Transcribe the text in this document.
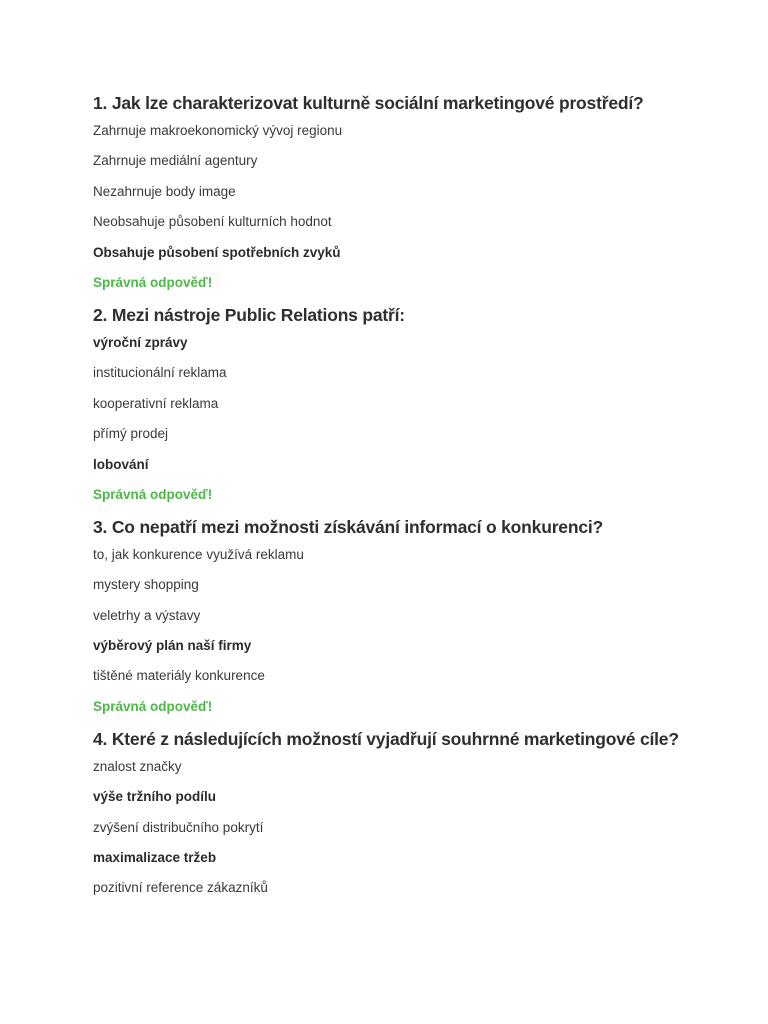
1. Jak lze charakterizovat kulturně sociální marketingové prostředí?
Zahrnuje makroekonomický vývoj regionu
Zahrnuje mediální agentury
Nezahrnuje body image
Neobsahuje působení kulturních hodnot
Obsahuje působení spotřebních zvyků
Správná odpověď!
2. Mezi nástroje Public Relations patří:
výroční zprávy
institucionální reklama
kooperativní reklama
přímý prodej
lobování
Správná odpověď!
3. Co nepatří mezi možnosti získávání informací o konkurenci?
to, jak konkurence využívá reklamu
mystery shopping
veletrhy a výstavy
výběrový plán naší firmy
tištěné materiály konkurence
Správná odpověď!
4. Které z následujících možností vyjadřují souhrnné marketingové cíle?
znalost značky
výše tržního podílu
zvýšení distribučního pokrytí
maximalizace tržeb
pozitivní reference zákazníků
